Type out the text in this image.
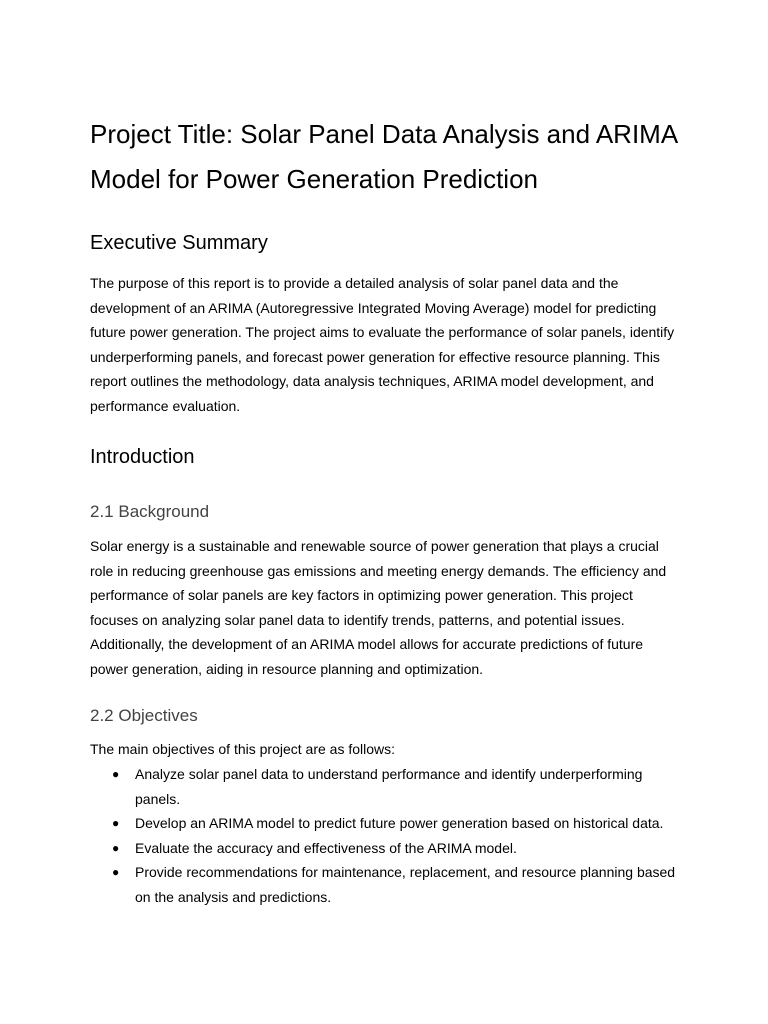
Project Title: Solar Panel Data Analysis and ARIMA Model for Power Generation Prediction
Executive Summary

The purpose of this report is to provide a detailed analysis of solar panel data and the development of an ARIMA (Autoregressive Integrated Moving Average) model for predicting future power generation. The project aims to evaluate the performance of solar panels, identify underperforming panels, and forecast power generation for effective resource planning. This report outlines the methodology, data analysis techniques, ARIMA model development, and performance evaluation.

Introduction
2.1 Background

Solar energy is a sustainable and renewable source of power generation that plays a crucial role in reducing greenhouse gas emissions and meeting energy demands. The efficiency and performance of solar panels are key factors in optimizing power generation. This project focuses on analyzing solar panel data to identify trends, patterns, and potential issues. Additionally, the development of an ARIMA model allows for accurate predictions of future power generation, aiding in resource planning and optimization.

2.2 Objectives

The main objectives of this project are as follows:

● Analyze solar panel data to understand performance and identify underperforming panels.
● Develop an ARIMA model to predict future power generation based on historical data.
● Evaluate the accuracy and effectiveness of the ARIMA model.
● Provide recommendations for maintenance, replacement, and resource planning based on the analysis and predictions.
